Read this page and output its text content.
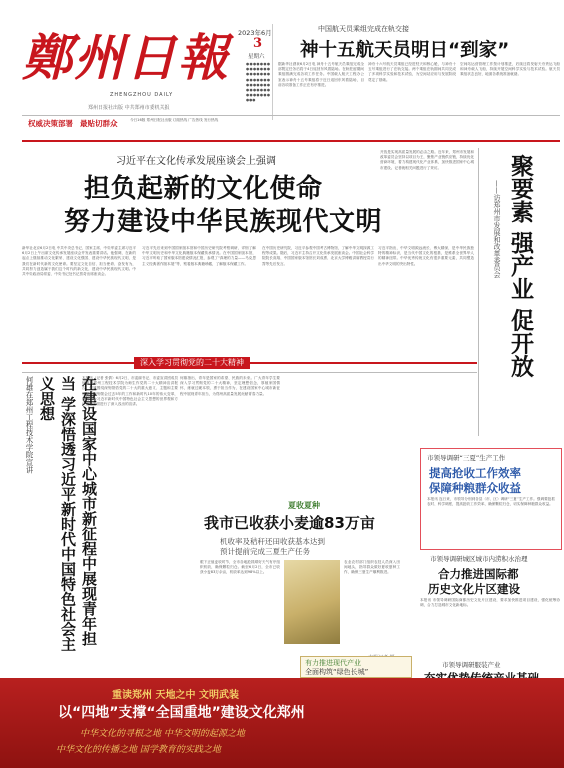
鄭州日報
ZHENGZHOU DAILY
郑州日报社出版 中共郑州市委机关报
2023年6月
3
星期六
●●●●●●●●●●●●●●●●●●●●●●●●●●●●●●●●●●●●●●●●●●●●●●●●●●●●
中国航天员乘组完成在轨交接
神十五航天员明日“到家”
据新华社酒泉6月2日电 神舟十五号航天员乘组完成全部既定任务后将于4日返回东风着陆场。在轨驻留期间乘组圆满完成各项工作任务。中国载人航天工程办公室表示神舟十五号乘组将于近日返回东风着陆场，目前各项准备工作正在有序推进。
神舟十六号航天员乘组已经进驻天和核心舱，与神舟十五号乘组进行了在轨交接。两个乘组在轨期间共同完成了多项科学实验和技术试验，为空间站应用与发展阶段奠定了基础。
空间站运营管理工作按计划推进，后续还将发射天舟货运飞船和神舟载人飞船，持续开展空间科学实验与技术试验。航天员乘组状态良好，地面各系统准备就绪。
权威决策部署 最贴切群众	今日16版 郑州日报社出版 订阅热线 广告热线 发行热线
习近平在文化传承发展座谈会上强调
担负起新的文化使命
努力建设中华民族现代文明
新华社北京6月2日电 中共中央总书记、国家主席、中央军委主席习近平6月2日上午出席文化传承发展座谈会并发表重要讲话。他强调，在新的起点上继续推动文化繁荣、建设文化强国、建设中华民族现代文明，是我们在新时代新的文化使命。要坚定文化自信、担当使命、奋发有为，共同努力创造属于我们这个时代的新文化，建设中华民族现代文明。中共中央政治局常委、中央书记处书记蔡奇出席座谈会。
习近平先后来到中国国家版本馆和中国历史研究院考察调研，详细了解中华文明历史和中华文化典籍版本保藏传承情况。在中国国家版本馆，习近平听取了国家版本馆建设情况汇报，参观了“真理的力量——马克思主义经典著作版本展”等，察看版本典籍珍藏，了解版本保藏工作。
在中国历史研究院，习近平参观中国考古博物馆，了解中华文明探源工程等成果。随后，习近平主持召开文化传承发展座谈会。中国社会科学院院长高翔、中国国家版本馆馆长刘成勇、北京大学博雅讲席教授袁行霈等先后发言。
习近平指出，中华文明源远流长、博大精深，是中华民族独特的精神标识，是当代中国文化的根基，是维系全世界华人的精神纽带。中华优秀传统文化有很多重要元素，共同塑造出中华文明的突出特性。
深入学习贯彻党的二十大精神	聚要素 强产业 促开放
——访郑州市发展和改革委员会
开放是实现高质量发展的必由之路。近年来，郑州市发展和改革委员会坚持以项目为王，聚焦产业链供应链，持续优化营商环境，着力构建现代化产业体系，加快推进国家中心城市建设。记者就相关问题进行了采访。
何雄在郑州工程技术学院宣讲	在建设国家中心城市新征程中展现青年担当 学深悟透习近平新时代中国特色社会主义思想	本报讯（记者 张倩）6月2日，市委副书记、市委宣讲团成员何雄到郑州工程技术学院为师生作党的二十大精神宣讲报告。何雄围绕深刻领悟党的二十大的重大意义、主题和主要成果，深刻领会过去5年的工作和新时代10年的伟大变革，深刻领会习近平新时代中国特色社会主义思想的世界观和方法论等方面进行了深入浅出的宣讲。
何雄指出，青年是国家的希望、民族的未来。广大青年学生要深入学习贯彻党的二十大精神，坚定理想信念，厚植家国情怀，练就过硬本领，勇于担当作为，在建设国家中心城市新征程中展现青年担当，为郑州高质量发展贡献青春力量。
夏收夏种
我市已收获小麦逾83万亩
机收率及秸秆还田收获基本达到
预计提前完成三夏生产任务
眼下正值麦收时节，全市各地抢抓晴好天气有序组织机收，确保颗粒归仓。截至6月2日，全市已收获小麦83万余亩，机收率达到98%以上。
农业农村部门组织农技人员深入田间地头，指导群众做好夏收夏种工作，确保三夏生产顺利推进。
有力推进现代产业
全面构筑“绿色长城”
市领导调研“三夏”生产工作
提高抢收工作效率
保障种粮群众收益
本报讯 连日来，市领导分别到各县（市、区）调研“三夏”生产工作。强调要抢抓农时、科学调度，提高抢收工作效率，确保颗粒归仓，切实保障种粮群众收益。
市领导调研城区城市内涝积水治理
合力推进国际都
历史文化片区建设
本报讯 市领导调研国际商都历史文化片区建设，要求加快推进项目建设，强化统筹协调，合力打造城市文化新地标。
市领导调研服装产业
重读郑州 天地之中 文明武装
以“四地”支撑“全国重地”建设文化郑州
中华文化的寻根之地 中华文明的起源之地
中华文化的传播之地 国学教育的实践之地
